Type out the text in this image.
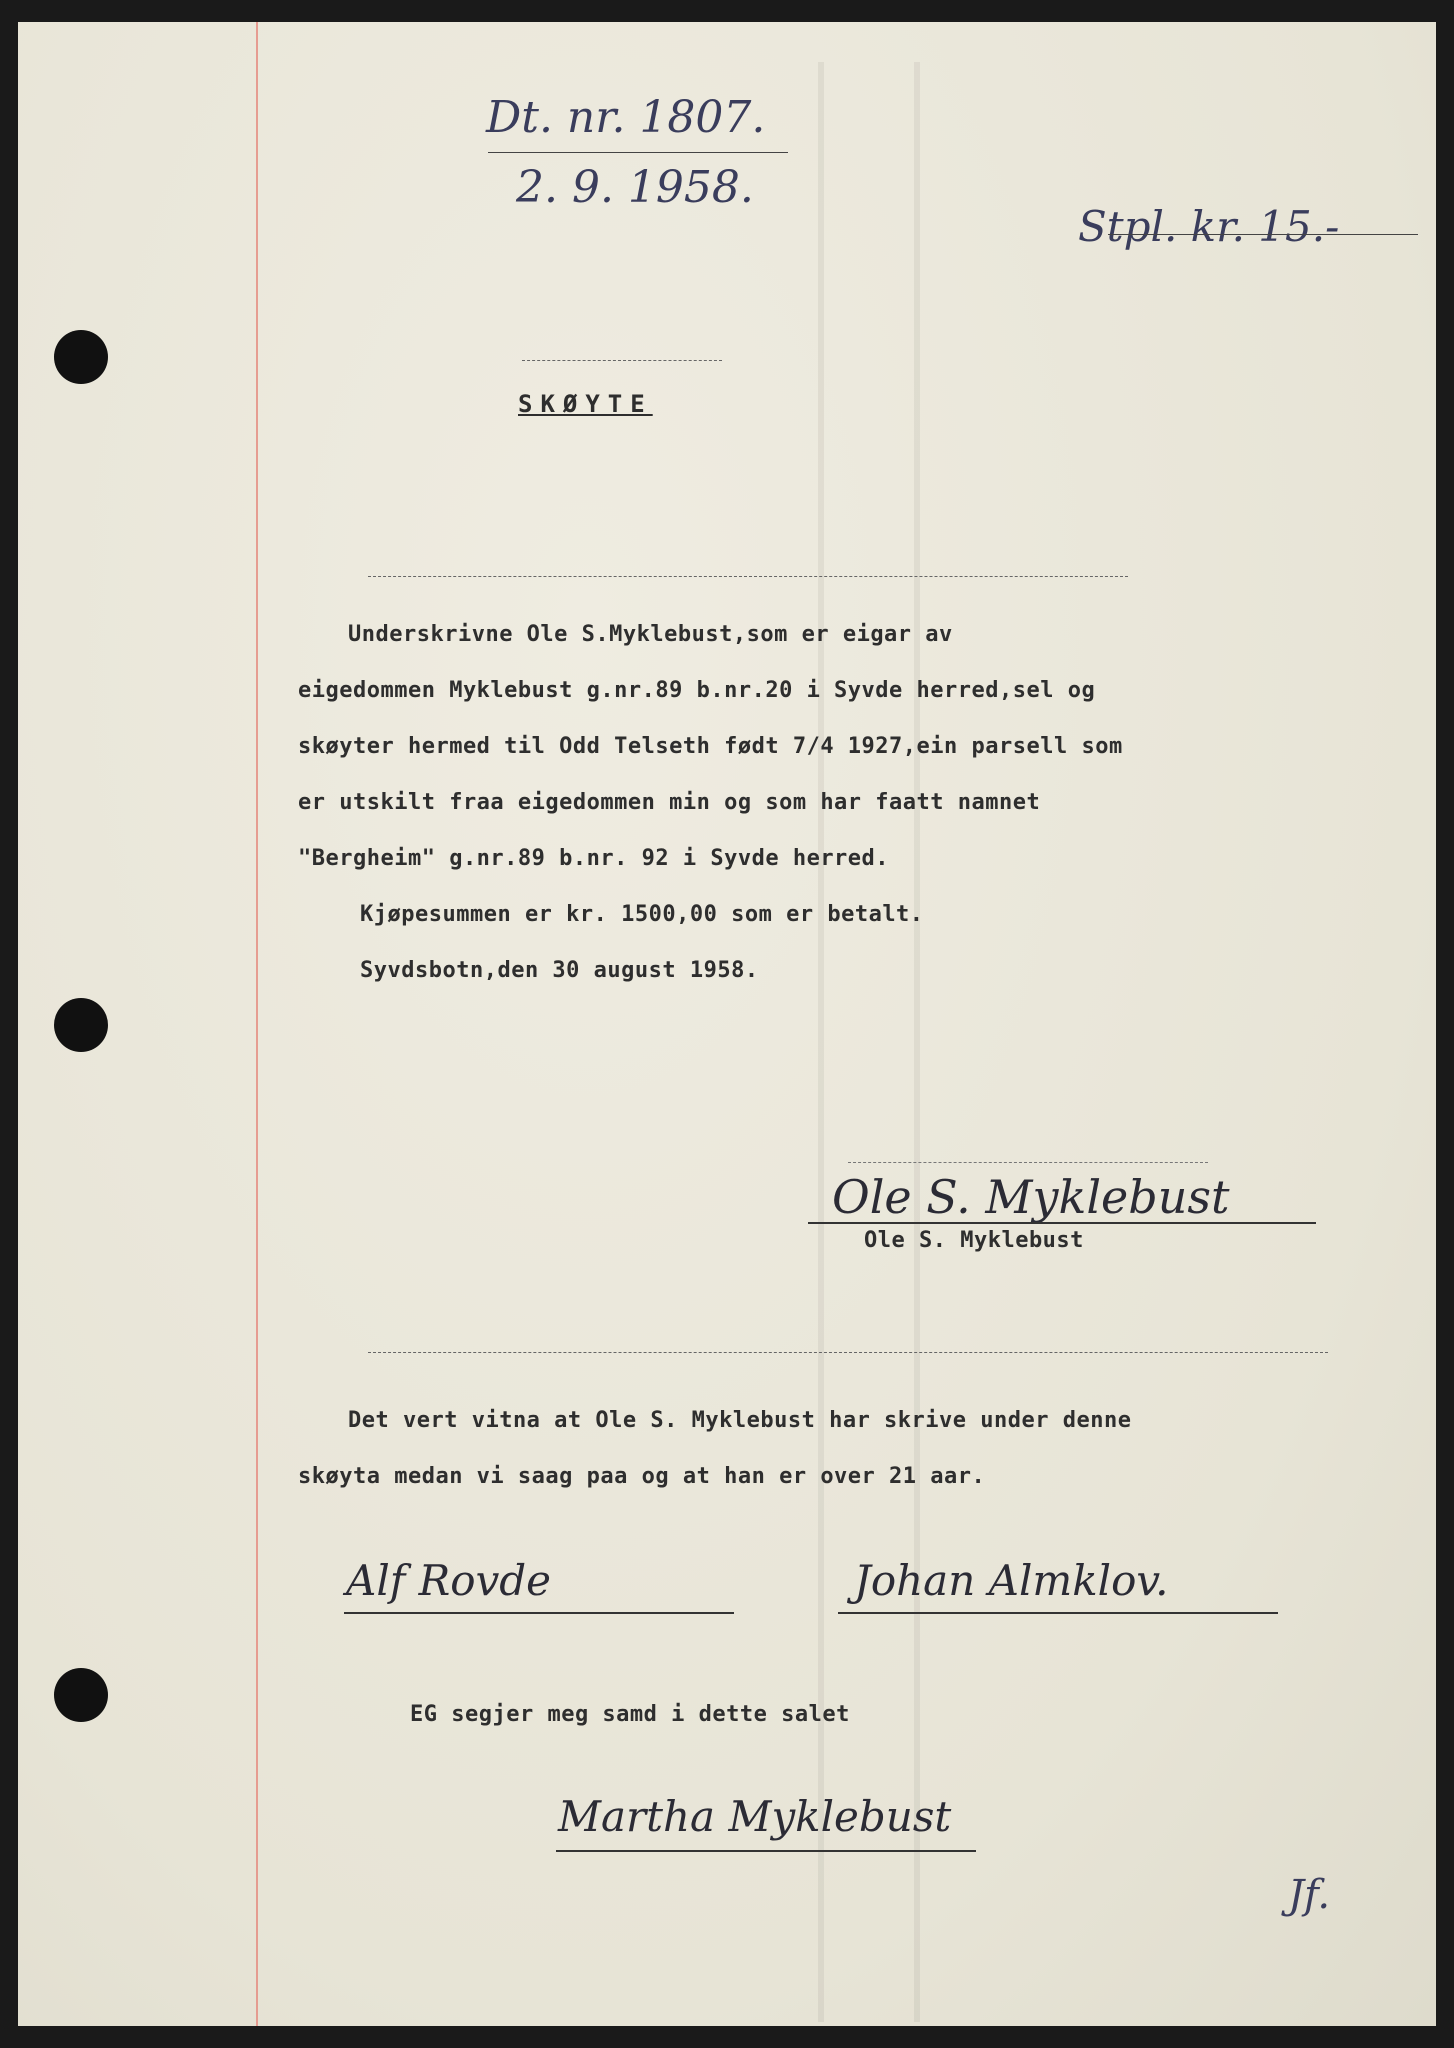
Dt. nr. 1807.
2. 9. 1958.
Stpl. kr. 15.-
SKØYTE
Underskrivne Ole S.Myklebust,som er eigar av
eigedommen Myklebust g.nr.89 b.nr.20 i Syvde herred,sel og
skøyter hermed til Odd Telseth født 7/4 1927,ein parsell som
er utskilt fraa eigedommen min og som har faatt namnet
"Bergheim" g.nr.89 b.nr. 92 i Syvde herred.
Kjøpesummen er kr. 1500,00 som er betalt.
Syvdsbotn,den 30 august 1958.
Ole S. Myklebust
Ole S. Myklebust
Det vert vitna at Ole S. Myklebust har skrive under denne
skøyta medan vi saag paa og at han er over 21 aar.
Alf Rovde	Johan Almklov.
EG segjer meg samd i dette salet
Martha Myklebust
Jf.
